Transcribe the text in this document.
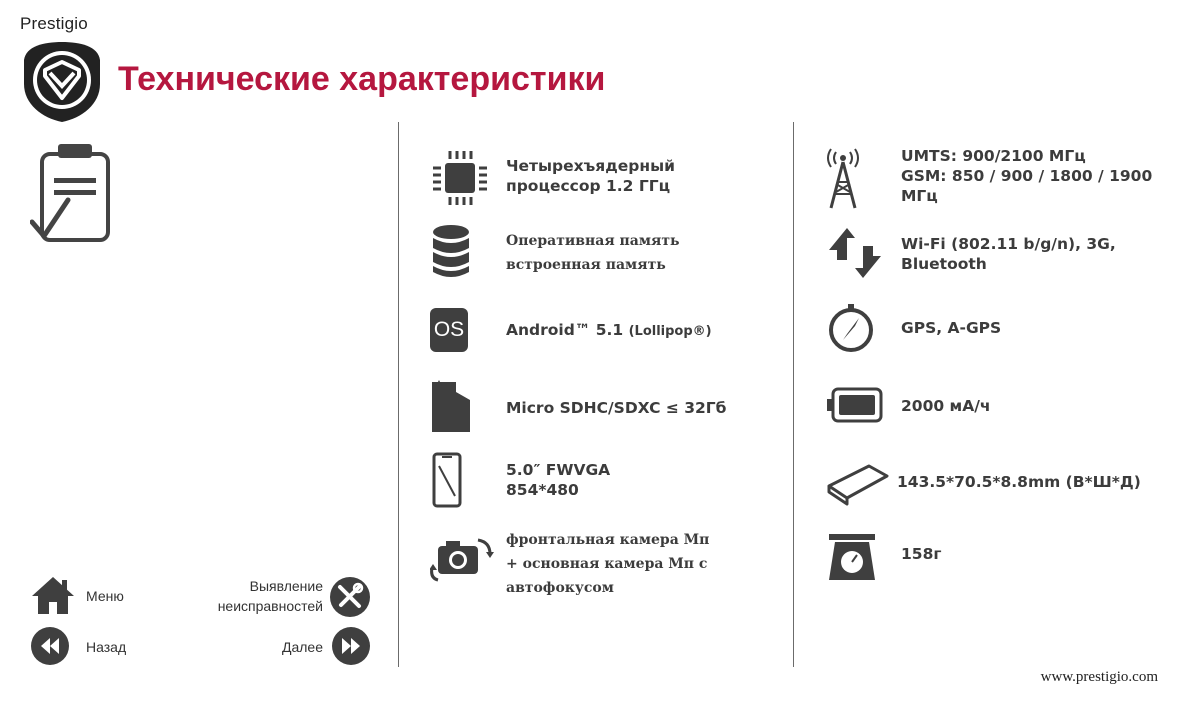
Prestigio
Технические характеристики
Четырехъядерный
процессор 1.2 ГГц
Оперативная память
встроенная память
OS	Android™ 5.1 (Lollipop®)
Micro SDHC/SDXC ≤ 32Гб
5.0″ FWVGA
854*480
фронтальная камера Мп
+ основная камера Мп с
автофокусом
UMTS: 900/2100 МГц
GSM: 850 / 900 / 1800 / 1900
МГц
Wi-Fi (802.11 b/g/n), 3G,
Bluetooth
GPS, A-GPS
2000 мА/ч
143.5*70.5*8.8mm (В*Ш*Д)
158г
Меню
Выявление
неисправностей
Назад	Далее
www.prestigio.com
